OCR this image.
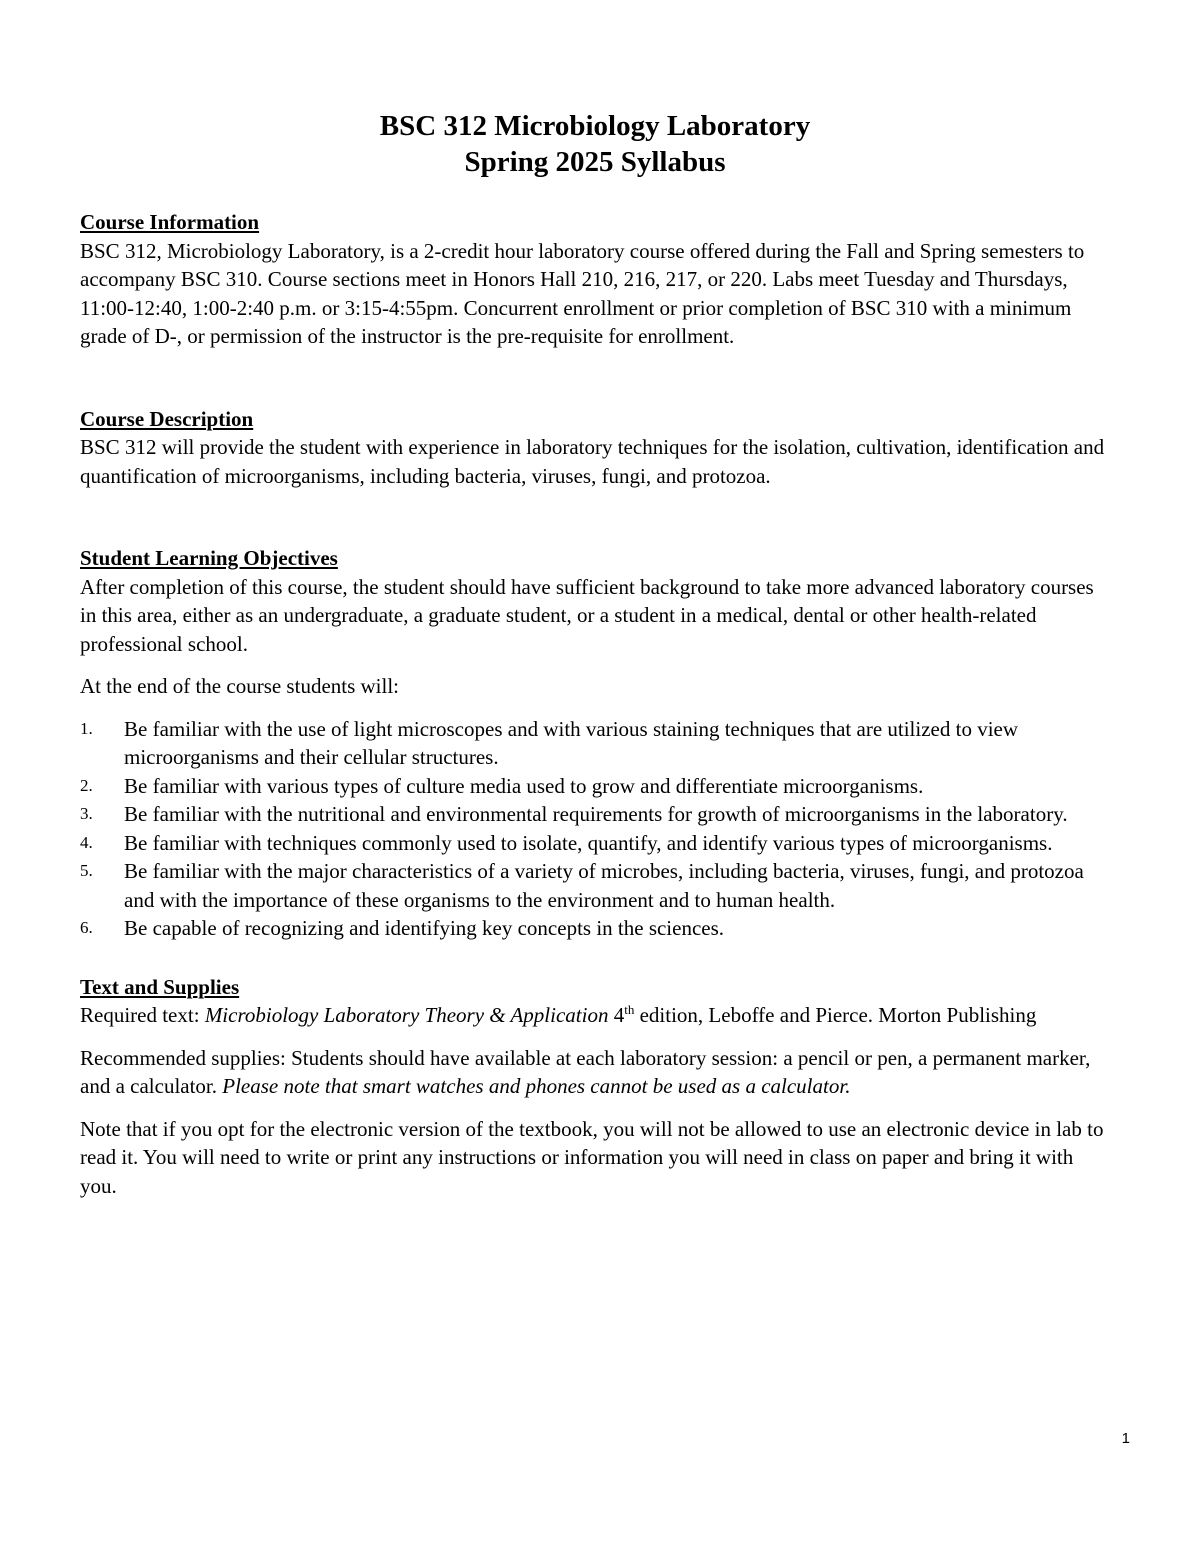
BSC 312 Microbiology Laboratory
Spring 2025 Syllabus

Course Information

BSC 312, Microbiology Laboratory, is a 2-credit hour laboratory course offered during the Fall and Spring semesters to accompany BSC 310. Course sections meet in Honors Hall 210, 216, 217, or 220. Labs meet Tuesday and Thursdays, 11:00-12:40, 1:00-2:40 p.m. or 3:15-4:55pm. Concurrent enrollment or prior completion of BSC 310 with a minimum grade of D-, or permission of the instructor is the pre-requisite for enrollment.

Course Description

BSC 312 will provide the student with experience in laboratory techniques for the isolation, cultivation, identification and quantification of microorganisms, including bacteria, viruses, fungi, and protozoa.

Student Learning Objectives

After completion of this course, the student should have sufficient background to take more advanced laboratory courses in this area, either as an undergraduate, a graduate student, or a student in a medical, dental or other health-related professional school.

At the end of the course students will:

1. Be familiar with the use of light microscopes and with various staining techniques that are utilized to view microorganisms and their cellular structures.
2. Be familiar with various types of culture media used to grow and differentiate microorganisms.
3. Be familiar with the nutritional and environmental requirements for growth of microorganisms in the laboratory.
4. Be familiar with techniques commonly used to isolate, quantify, and identify various types of microorganisms.
5. Be familiar with the major characteristics of a variety of microbes, including bacteria, viruses, fungi, and protozoa and with the importance of these organisms to the environment and to human health.
6. Be capable of recognizing and identifying key concepts in the sciences.

Text and Supplies

Required text: Microbiology Laboratory Theory & Application 4th edition, Leboffe and Pierce. Morton Publishing

Recommended supplies: Students should have available at each laboratory session: a pencil or pen, a permanent marker, and a calculator. Please note that smart watches and phones cannot be used as a calculator.

Note that if you opt for the electronic version of the textbook, you will not be allowed to use an electronic device in lab to read it. You will need to write or print any instructions or information you will need in class on paper and bring it with you.

1
